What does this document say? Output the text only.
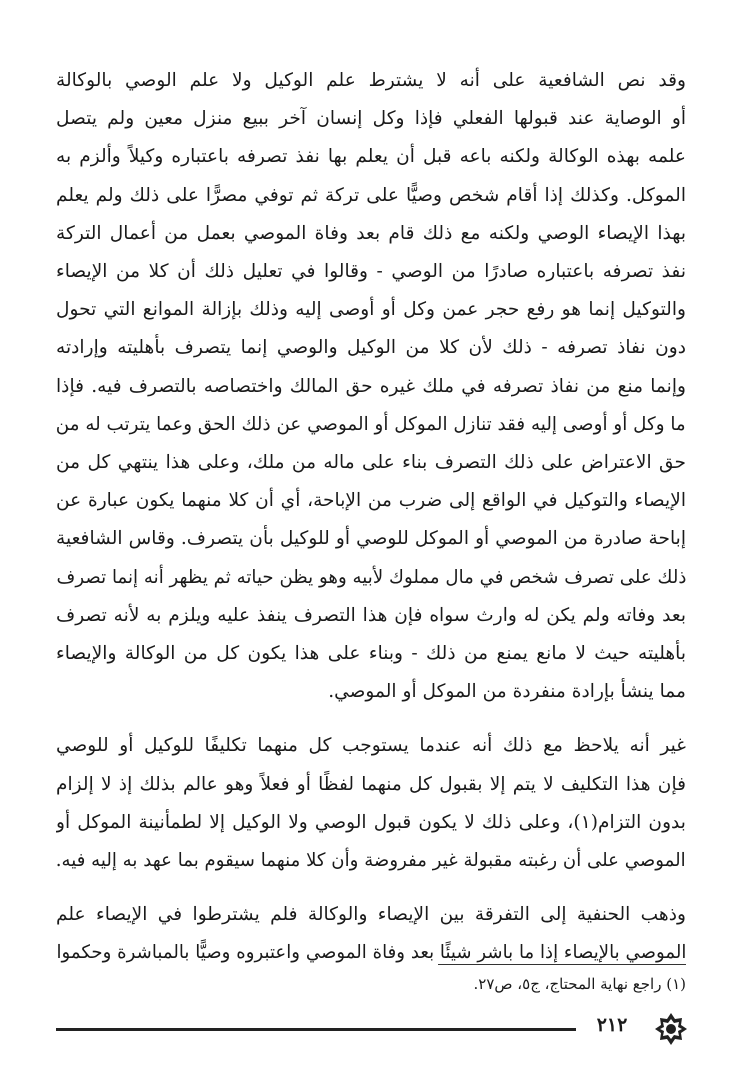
وقد نص الشافعية على أنه لا يشترط علم الوكيل ولا علم الوصي بالوكالة
أو الوصاية عند قبولها الفعلي فإذا وكل إنسان آخر ببيع منزل معين ولم يتصل
علمه بهذه الوكالة ولكنه باعه قبل أن يعلم بها نفذ تصرفه باعتباره وكيلاً وألزم به
الموكل. وكذلك إذا أقام شخص وصيًّا على تركة ثم توفي مصرًّا على ذلك ولم يعلم
بهذا الإيصاء الوصي ولكنه مع ذلك قام بعد وفاة الموصي بعمل من أعمال التركة
نفذ تصرفه باعتباره صادرًا من الوصي - وقالوا في تعليل ذلك أن كلا من الإيصاء
والتوكيل إنما هو رفع حجر عمن وكل أو أوصى إليه وذلك بإزالة الموانع التي تحول
دون نفاذ تصرفه - ذلك لأن كلا من الوكيل والوصي إنما يتصرف بأهليته وإرادته
وإنما منع من نفاذ تصرفه في ملك غيره حق المالك واختصاصه بالتصرف فيه. فإذا
ما وكل أو أوصى إليه فقد تنازل الموكل أو الموصي عن ذلك الحق وعما يترتب له من
حق الاعتراض على ذلك التصرف بناء على ماله من ملك، وعلى هذا ينتهي كل من
الإيصاء والتوكيل في الواقع إلى ضرب من الإباحة، أي أن كلا منهما يكون عبارة عن
إباحة صادرة من الموصي أو الموكل للوصي أو للوكيل بأن يتصرف. وقاس الشافعية
ذلك على تصرف شخص في مال مملوك لأبيه وهو يظن حياته ثم يظهر أنه إنما تصرف
بعد وفاته ولم يكن له وارث سواه فإن هذا التصرف ينفذ عليه ويلزم به لأنه تصرف
بأهليته حيث لا مانع يمنع من ذلك - وبناء على هذا يكون كل من الوكالة والإيصاء
مما ينشأ بإرادة منفردة من الموكل أو الموصي.

غير أنه يلاحظ مع ذلك أنه عندما يستوجب كل منهما تكليفًا للوكيل أو للوصي
فإن هذا التكليف لا يتم إلا بقبول كل منهما لفظًا أو فعلاً وهو عالم بذلك إذ لا إلزام
بدون التزام(١)، وعلى ذلك لا يكون قبول الوصي ولا الوكيل إلا لطمأنينة الموكل أو
الموصي على أن رغبته مقبولة غير مفروضة وأن كلا منهما سيقوم بما عهد به إليه فيه.

وذهب الحنفية إلى التفرقة بين الإيصاء والوكالة فلم يشترطوا في الإيصاء علم
الموصي بالإيصاء إذا ما باشر شيئًا بعد وفاة الموصي واعتبروه وصيًّا بالمباشرة وحكموا

(١) راجع نهاية المحتاج، ج٥، ص٢٧.
٢١٢
